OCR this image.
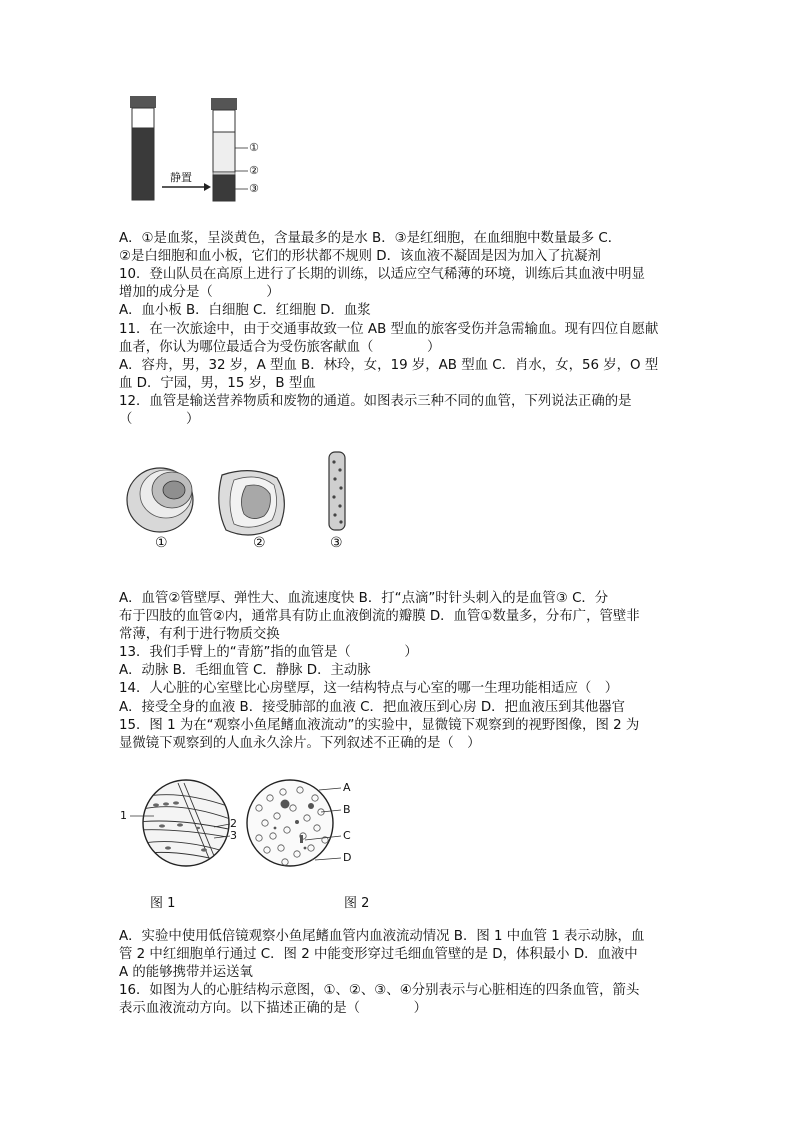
静置
①
②
③
A．①是血浆，呈淡黄色，含量最多的是水 B．③是红细胞，在血细胞中数量最多 C．
②是白细胞和血小板，它们的形状都不规则 D．该血液不凝固是因为加入了抗凝剂
10．登山队员在高原上进行了长期的训练，以适应空气稀薄的环境，训练后其血液中明显
增加的成分是（　　　　）
A．血小板 B．白细胞 C．红细胞 D．血浆
11．在一次旅途中，由于交通事故致一位 AB 型血的旅客受伤并急需输血。现有四位自愿献
血者，你认为哪位最适合为受伤旅客献血（　　　　）
A．容舟，男，32 岁，A 型血 B．林玲，女，19 岁，AB 型血 C．肖水，女，56 岁，O 型
血 D．宁园，男，15 岁，B 型血
12．血管是输送营养物质和废物的通道。如图表示三种不同的血管，下列说法正确的是
（　　　　）
①	②	③
A．血管②管壁厚、弹性大、血流速度快 B．打“点滴”时针头刺入的是血管③ C．分
布于四肢的血管②内，通常具有防止血液倒流的瓣膜 D．血管①数量多，分布广，管壁非
常薄，有利于进行物质交换
13．我们手臂上的“青筋”指的血管是（　　　　）
A．动脉 B．毛细血管 C．静脉 D．主动脉
14．人心脏的心室壁比心房壁厚，这一结构特点与心室的哪一生理功能相适应（　）
A．接受全身的血液 B．接受肺部的血液 C．把血液压到心房 D．把血液压到其他器官
15．图 1 为在“观察小鱼尾鳍血液流动”的实验中，显微镜下观察到的视野图像，图 2 为
显微镜下观察到的人血永久涂片。下列叙述不正确的是（　）
1
2
3
A
B
C
D
图 1	图 2
A．实验中使用低倍镜观察小鱼尾鳍血管内血液流动情况 B．图 1 中血管 1 表示动脉，血
管 2 中红细胞单行通过 C．图 2 中能变形穿过毛细血管壁的是 D，体积最小 D．血液中
A 的能够携带并运送氧
16．如图为人的心脏结构示意图，①、②、③、④分别表示与心脏相连的四条血管，箭头
表示血液流动方向。以下描述正确的是（　　　　）
